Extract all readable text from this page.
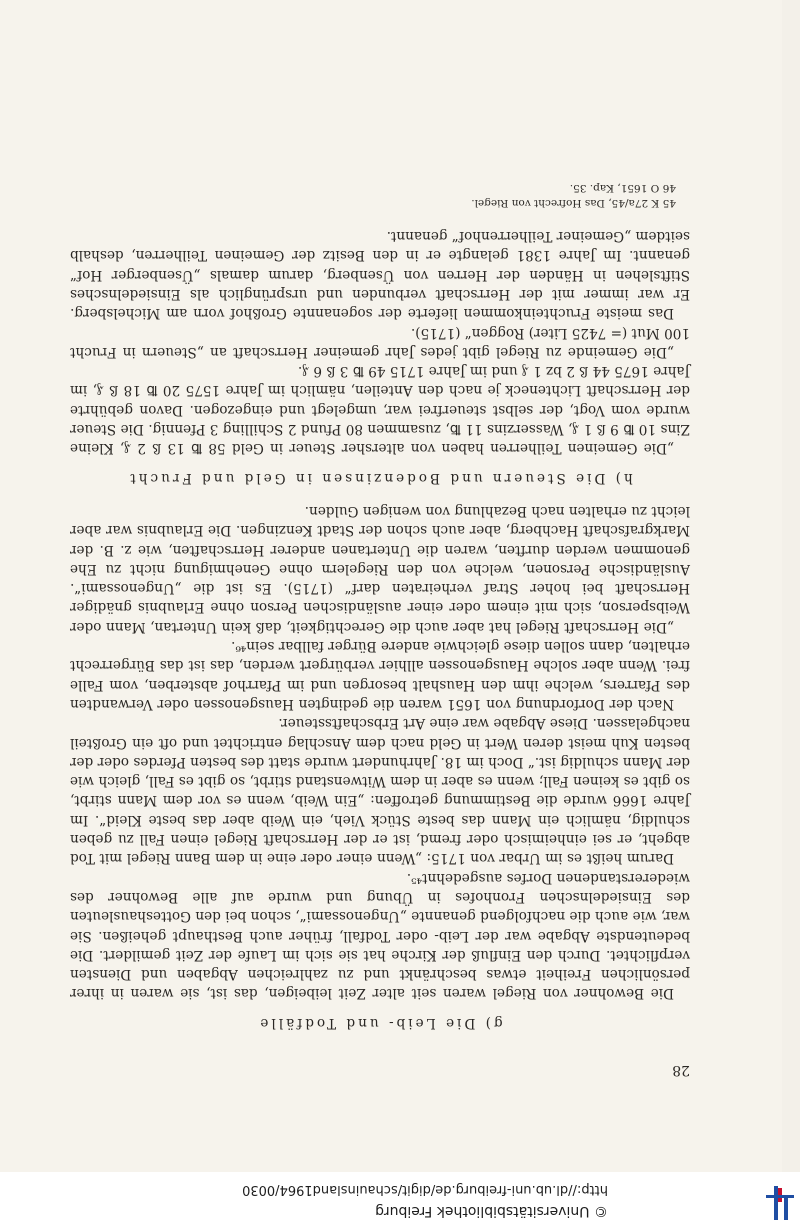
© Universitätsbibliothek Freiburg
http://dl.ub.uni-freiburg.de/digit/schauinsland1964/0030
28
g) Die Leib- und Todfälle

Die Bewohner von Riegel waren seit alter Zeit leibeigen, das ist, sie waren in ihrer persönlichen Freiheit etwas beschränkt und zu zahlreichen Abgaben und Diensten verpflichtet. Durch den Einfluß der Kirche hat sie sich im Laufe der Zeit gemildert. Die bedeutendste Abgabe war der Leib- oder Todfall, früher auch Besthaupt geheißen. Sie war, wie auch die nachfolgend genannte „Ungenossami“, schon bei den Gotteshausleuten des Einsiedelnschen Fronhofes in Übung und wurde auf alle Bewohner des wiedererstandenen Dorfes ausgedehnt⁴⁵.

Darum heißt es im Urbar von 1715: „Wenn einer oder eine in dem Bann Riegel mit Tod abgeht, er sei einheimisch oder fremd, ist er der Herrschaft Riegel einen Fall zu geben schuldig, nämlich ein Mann das beste Stück Vieh, ein Weib aber das beste Kleid“. Im Jahre 1666 wurde die Bestimmung getroffen: „Ein Weib, wenn es vor dem Mann stirbt, so gibt es keinen Fall; wenn es aber in dem Witwenstand stirbt, so gibt es Fall, gleich wie der Mann schuldig ist.“ Doch im 18. Jahrhundert wurde statt des besten Pferdes oder der besten Kuh meist deren Wert in Geld nach dem Anschlag entrichtet und oft ein Großteil nachgelassen. Diese Abgabe war eine Art Erbschaftssteuer.

Nach der Dorfordnung von 1651 waren die gedingten Hausgenossen oder Verwandten des Pfarrers, welche ihm den Haushalt besorgen und im Pfarrhof absterben, vom Falle frei. Wenn aber solche Hausgenossen allhier verbürgert werden, das ist das Bürgerrecht erhalten, dann sollen diese gleichwie andere Bürger fallbar sein⁴⁶.

„Die Herrschaft Riegel hat aber auch die Gerechtigkeit, daß kein Untertan, Mann oder Weibsperson, sich mit einem oder einer ausländischen Person ohne Erlaubnis gnädiger Herrschaft bei hoher Straf verheiraten darf“ (1715). Es ist die „Ungenossami“. Ausländische Personen, welche von den Riegelern ohne Genehmigung nicht zu Ehe genommen werden durften, waren die Untertanen anderer Herrschaften, wie z. B. der Markgrafschaft Hachberg, aber auch schon der Stadt Kenzingen. Die Erlaubnis war aber leicht zu erhalten nach Bezahlung von wenigen Gulden.

h) Die Steuern und Bodenzinsen in Geld und Frucht

„Die Gemeinen Teilherren haben von altersher Steuer in Geld 58 ℔ 13 ß 2 ₰, Kleine Zins 10 ℔ 9 ß 1 ₰, Wasserzins 11 ℔, zusammen 80 Pfund 2 Schilling 3 Pfennig. Die Steuer wurde vom Vogt, der selbst steuerfrei war, umgelegt und eingezogen. Davon gebührte der Herrschaft Lichteneck je nach den Anteilen, nämlich im Jahre 1575 20 ℔ 18 ß ₰, im Jahre 1675 44 ß 2 bz 1 ₰ und im Jahre 1715 49 ℔ 3 ß 6 ₰.

„Die Gemeinde zu Riegel gibt jedes Jahr gemeiner Herrschaft an „Steuern in Frucht 100 Mut (= 7425 Liter) Roggen“ (1715).

Das meiste Fruchteinkommen lieferte der sogenannte Großhof vorn am Michelsberg. Er war immer mit der Herrschaft verbunden und ursprünglich als Einsiedelnsches Stiftslehen in Händen der Herren von Üsenberg, darum damals „Üsenberger Hof“ genannt. Im Jahre 1381 gelangte er in den Besitz der Gemeinen Teilherren, deshalb seitdem „Gemeiner Teilherrenhof“ genannt.

45 K 27a/45, Das Hofrecht von Riegel.
46 O 1651, Kap. 35.
